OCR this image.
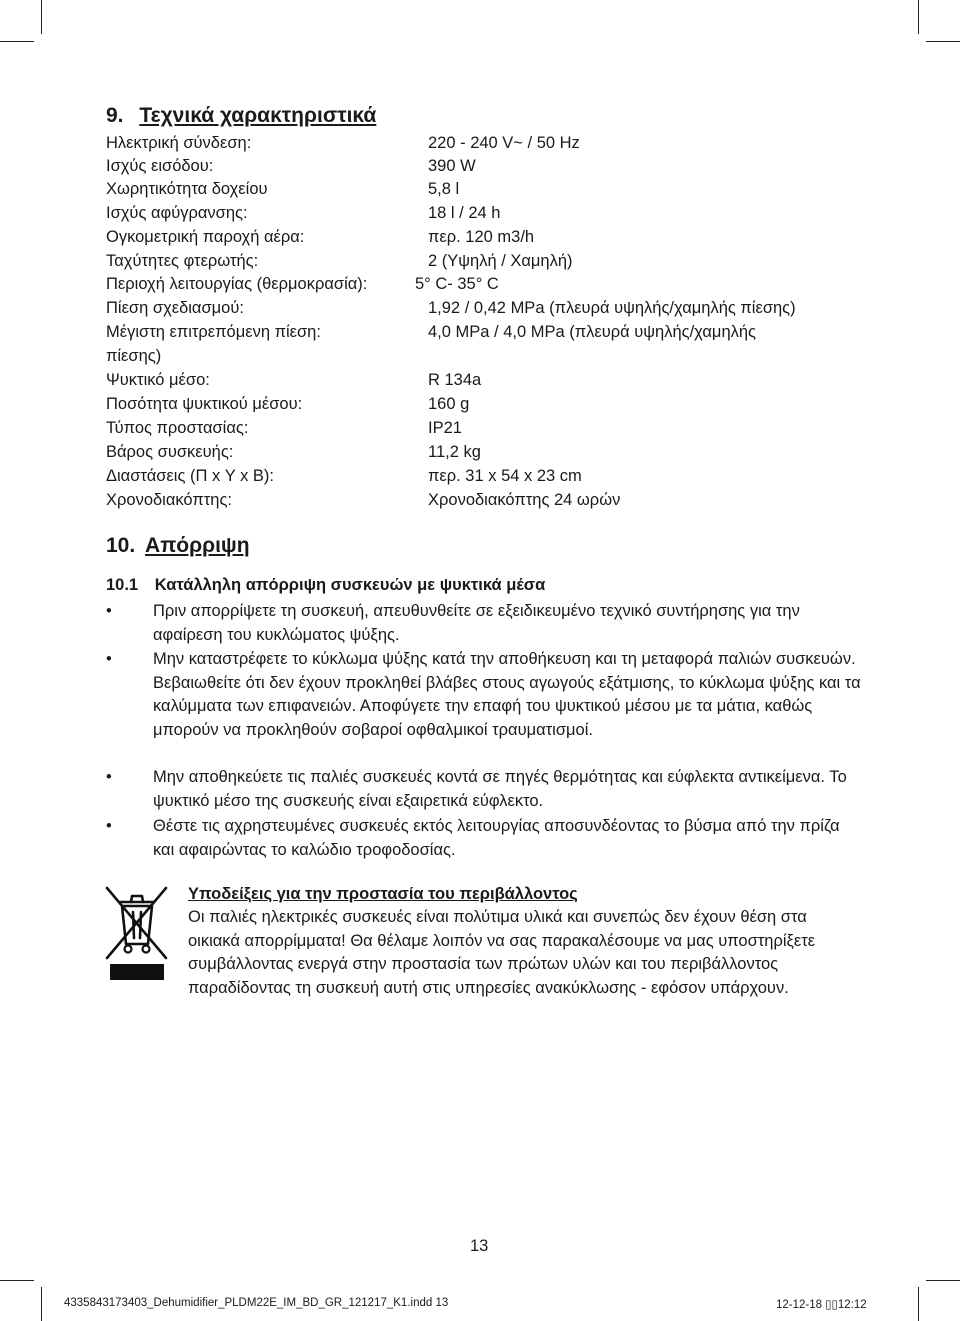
9. Τεχνικά χαρακτηριστικά
Ηλεκτρική σύνδεση:	220 - 240 V~ / 50 Hz
Ισχύς εισόδου:	390 W
Χωρητικότητα δοχείου	5,8 l
Ισχύς αφύγρανσης:	18 l / 24 h
Ογκομετρική παροχή αέρα:	περ. 120 m3/h
Ταχύτητες φτερωτής:	2 (Υψηλή / Χαμηλή)
Περιοχή λειτουργίας (θερμοκρασία):	5° C- 35° C
Πίεση σχεδιασμού:	1,92 / 0,42 MPa (πλευρά υψηλής/χαμηλής πίεσης)
Μέγιστη επιτρεπόμενη πίεση:	4,0 MPa / 4,0 MPa (πλευρά υψηλής/χαμηλής
πίεσης)
Ψυκτικό μέσο:	R 134a
Ποσότητα ψυκτικού μέσου:	160 g
Τύπος προστασίας:	IP21
Βάρος συσκευής:	11,2 kg
Διαστάσεις (Π x Υ x Β):	περ. 31 x 54 x 23 cm
Χρονοδιακόπτης:	Χρονοδιακόπτης 24 ωρών
10. Απόρριψη
10.1 Κατάλληλη απόρριψη συσκευών με ψυκτικά μέσα
• Πριν απορρίψετε τη συσκευή, απευθυνθείτε σε εξειδικευμένο τεχνικό συντήρησης για την αφαίρεση του κυκλώματος ψύξης.
• Μην καταστρέφετε το κύκλωμα ψύξης κατά την αποθήκευση και τη μεταφορά παλιών συσκευών. Βεβαιωθείτε ότι δεν έχουν προκληθεί βλάβες στους αγωγούς εξάτμισης, το κύκλωμα ψύξης και τα καλύμματα των επιφανειών. Αποφύγετε την επαφή του ψυκτικού μέσου με τα μάτια, καθώς μπορούν να προκληθούν σοβαροί οφθαλμικοί τραυματισμοί.
• Μην αποθηκεύετε τις παλιές συσκευές κοντά σε πηγές θερμότητας και εύφλεκτα αντικείμενα. Το ψυκτικό μέσο της συσκευής είναι εξαιρετικά εύφλεκτο.
• Θέστε τις αχρηστευμένες συσκευές εκτός λειτουργίας αποσυνδέοντας το βύσμα από την πρίζα και αφαιρώντας το καλώδιο τροφοδοσίας.
Υποδείξεις για την προστασία του περιβάλλοντος
Οι παλιές ηλεκτρικές συσκευές είναι πολύτιμα υλικά και συνεπώς δεν έχουν θέση στα οικιακά απορρίμματα! Θα θέλαμε λοιπόν να σας παρακαλέσουμε να μας υποστηρίξετε συμβάλλοντας ενεργά στην προστασία των πρώτων υλών και του περιβάλλοντος παραδίδοντας τη συσκευή αυτή στις υπηρεσίες ανακύκλωσης - εφόσον υπάρχουν.
13
4335843173403_Dehumidifier_PLDM22E_IM_BD_GR_121217_K1.indd 13	12-12-18 ▯▯12:12
